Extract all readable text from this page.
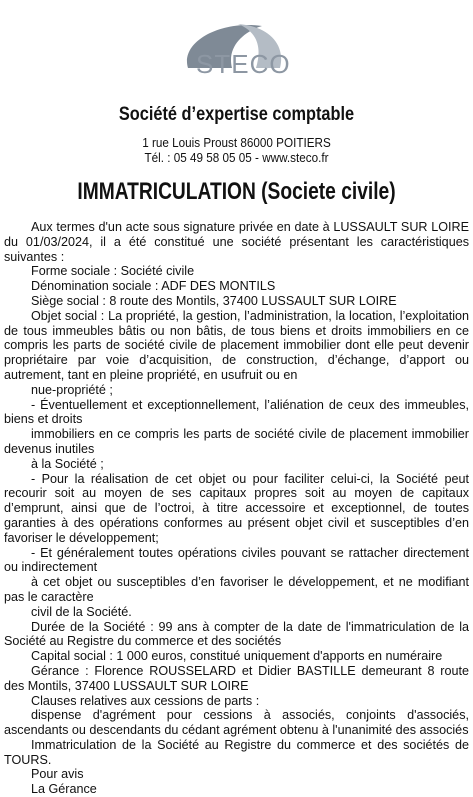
STECO
Société d’expertise comptable
1 rue Louis Proust 86000 POITIERS
Tél. : 05 49 58 05 05 - www.steco.fr
IMMATRICULATION (Societe civile)

Aux termes d'un acte sous signature privée en date à LUSSAULT SUR LOIRE du 01/03/2024, il a été constitué une société présentant les caractéristiques suivantes :

Forme sociale : Société civile

Dénomination sociale : ADF DES MONTILS

Siège social : 8 route des Montils, 37400 LUSSAULT SUR LOIRE

Objet social : La propriété, la gestion, l’administration, la location, l’exploitation de tous immeubles bâtis ou non bâtis, de tous biens et droits immobiliers en ce compris les parts de société civile de placement immobilier dont elle peut devenir propriétaire par voie d’acquisition, de construction, d’échange, d’apport ou autrement, tant en pleine propriété, en usufruit ou en

nue-propriété ;

- Éventuellement et exceptionnellement, l’aliénation de ceux des immeubles, biens et droits

immobiliers en ce compris les parts de société civile de placement immobilier devenus inutiles

à la Société ;

- Pour la réalisation de cet objet ou pour faciliter celui-ci, la Société peut recourir soit au moyen de ses capitaux propres soit au moyen de capitaux d’emprunt, ainsi que de l’octroi, à titre accessoire et exceptionnel, de toutes garanties à des opérations conformes au présent objet civil et susceptibles d’en favoriser le développement;

- Et généralement toutes opérations civiles pouvant se rattacher directement ou indirectement

à cet objet ou susceptibles d’en favoriser le développement, et ne modifiant pas le caractère

civil de la Société.

Durée de la Société : 99 ans à compter de la date de l'immatriculation de la Société au Registre du commerce et des sociétés

Capital social : 1 000 euros, constitué uniquement d'apports en numéraire

Gérance : Florence ROUSSELARD et Didier BASTILLE demeurant 8 route des Montils, 37400 LUSSAULT SUR LOIRE

Clauses relatives aux cessions de parts :

dispense d'agrément pour cessions à associés, conjoints d'associés, ascendants ou descendants du cédant agrément obtenu à l'unanimité des associés

Immatriculation de la Société au Registre du commerce et des sociétés de TOURS.

Pour avis

La Gérance
